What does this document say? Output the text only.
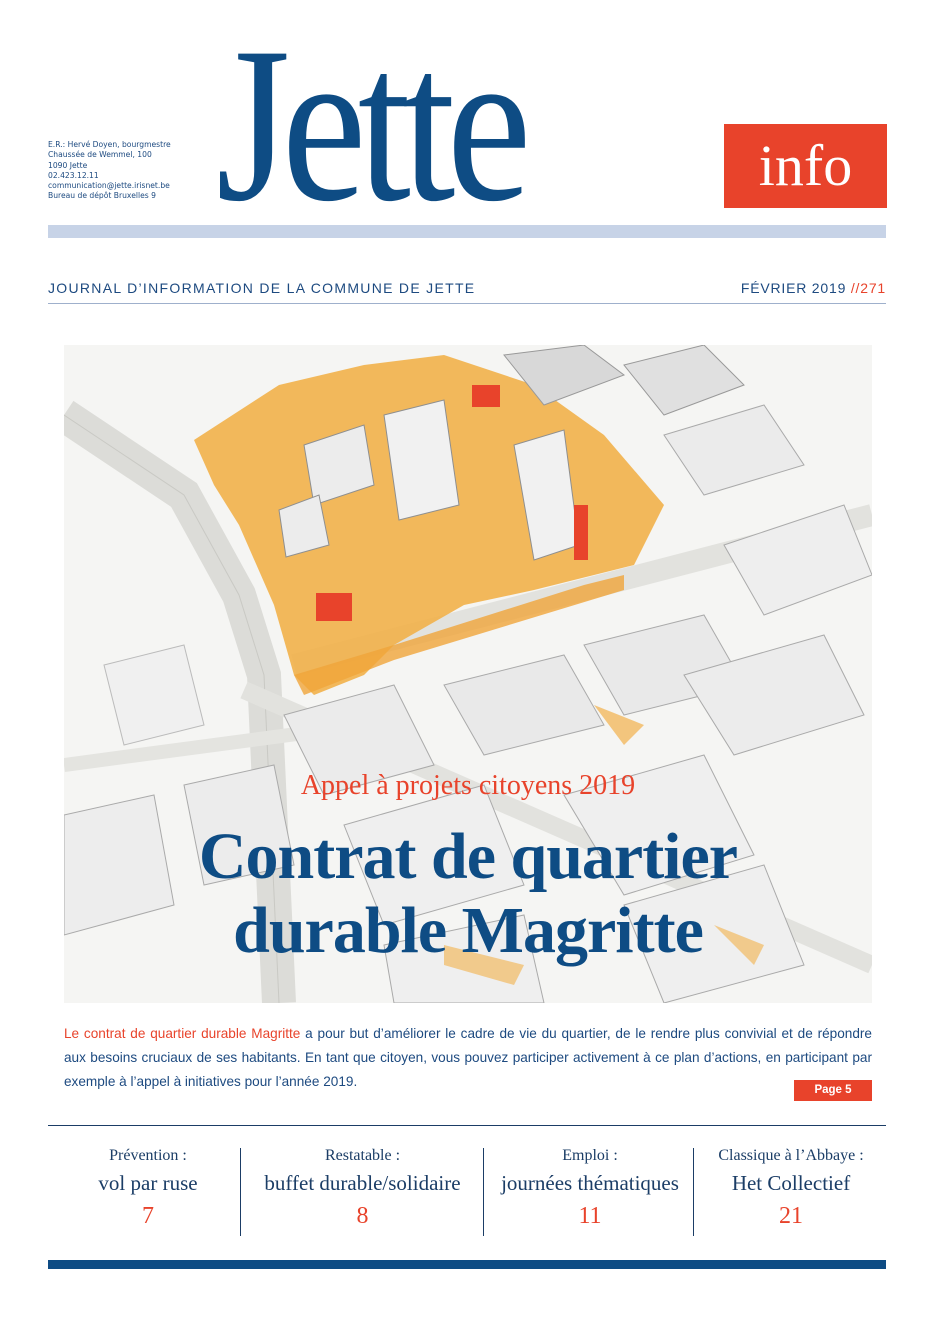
E.R.: Hervé Doyen, bourgmestre
Chaussée de Wemmel, 100
1090 Jette
02.423.12.11
communication@jette.irisnet.be
Bureau de dépôt Bruxelles 9 Jette	info
JOURNAL D’INFORMATION DE LA COMMUNE DE JETTE	FÉVRIER 2019 //271
Appel à projets citoyens 2019
Contrat de quartier
durable Magritte
Le contrat de quartier durable Magritte a pour but d’améliorer le cadre de vie du quartier, de le rendre plus convivial et de répondre aux besoins cruciaux de ses habitants. En tant que citoyen, vous pouvez participer activement à ce plan d’actions, en participant par exemple à l’appel à initiatives pour l’année 2019.
Page 5
Prévention :
vol par ruse
7
Restatable :
buffet durable/solidaire
8
Emploi :
journées thématiques
11
Classique à l’Abbaye :
Het Collectief
21
